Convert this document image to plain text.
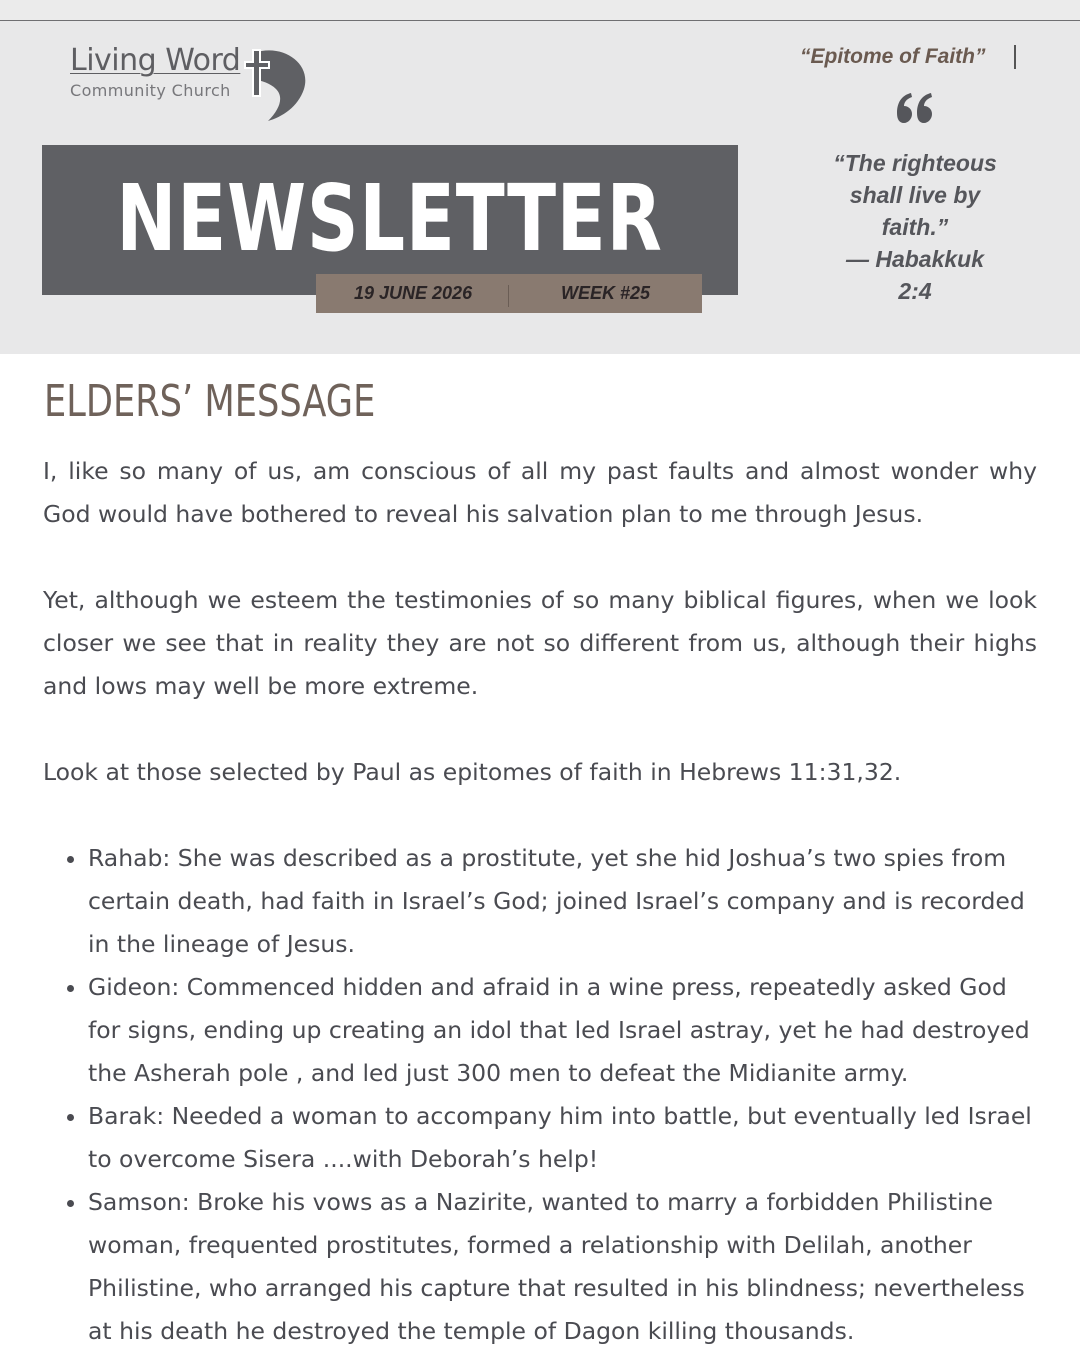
Living Word
Community Church
NEWSLETTER
19 JUNE 2026	WEEK #25
“Epitome of Faith”
“The righteous
shall live by
faith.”
— Habakkuk
2:4
ELDERS’ MESSAGE

I, like so many of us, am conscious of all my past faults and almost wonder why God would have bothered to reveal his salvation plan to me through Jesus.

Yet, although we esteem the testimonies of so many biblical figures, when we look closer we see that in reality they are not so different from us, although their highs and lows may well be more extreme.

Look at those selected by Paul as epitomes of faith in Hebrews 11:31,32.

• Rahab: She was described as a prostitute, yet she hid Joshua’s two spies from certain death, had faith in Israel’s God; joined Israel’s company and is recorded in the lineage of Jesus.
• Gideon: Commenced hidden and afraid in a wine press, repeatedly asked God for signs, ending up creating an idol that led Israel astray, yet he had destroyed the Asherah pole , and led just 300 men to defeat the Midianite army.
• Barak: Needed a woman to accompany him into battle, but eventually led Israel to overcome Sisera ....with Deborah’s help!
• Samson: Broke his vows as a Nazirite, wanted to marry a forbidden Philistine woman, frequented prostitutes, formed a relationship with Delilah, another Philistine, who arranged his capture that resulted in his blindness; nevertheless at his death he destroyed the temple of Dagon killing thousands.
